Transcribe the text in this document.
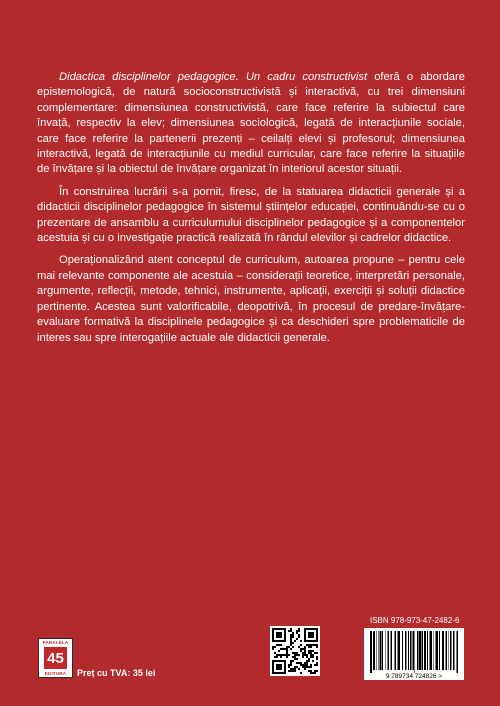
Didactica disciplinelor pedagogice. Un cadru constructivist oferă o abordare epistemologică, de natură socioconstructivistă și interactivă, cu trei dimensiuni complementare: dimensiunea constructivistă, care face referire la subiectul care învață, respectiv la elev; dimensiunea sociologică, legată de interacțiunile sociale, care face referire la partenerii prezenți – ceilalți elevi și profesorul; dimensiunea interactivă, legată de interacțiunile cu mediul curricular, care face referire la situațiile de învățare și la obiectul de învățare organizat în interiorul acestor situații.

În construirea lucrării s-a pornit, firesc, de la statuarea didacticii generale și a didacticii disciplinelor pedagogice în sistemul științelor educației, continuându-se cu o prezentare de ansamblu a curriculumului disciplinelor pedagogice și a componentelor acestuia și cu o investigație practică realizată în rândul elevilor și cadrelor didactice.

Operaționalizând atent conceptul de curriculum, autoarea propune – pentru cele mai relevante componente ale acestuia – considerații teoretice, interpretări personale, argumente, reflecții, metode, tehnici, instrumente, aplicații, exerciții și soluții didactice pertinente. Acestea sunt valorificabile, deopotrivă, în procesul de predare-învățare-evaluare formativă la disciplinele pedagogice și ca deschideri spre problematicile de interes sau spre interogațiile actuale ale didacticii generale.

PARALELA
45
EDITURA	Preț cu TVA: 35 lei
ISBN 978-973-47-2482-6
9 789734 724826 >
